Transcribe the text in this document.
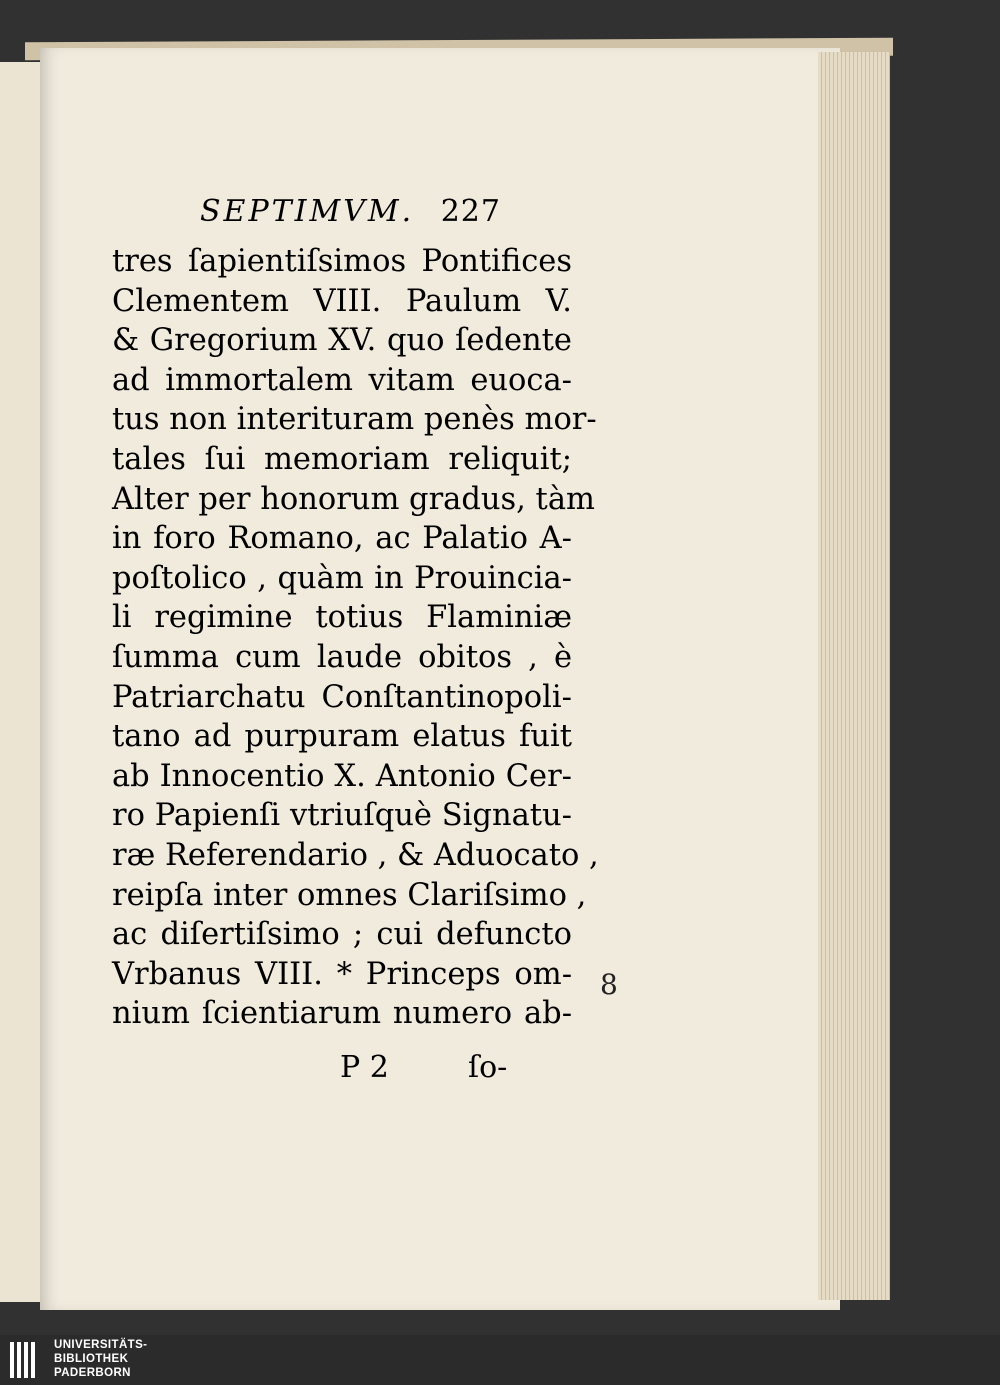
SEPTIMVM. 227
tres ſapientiſsimos Pontifices
Clementem VIII. Paulum V.
& Gregorium XV. quo ſedente
ad immortalem vitam euoca-
tus non interituram penès mor-
tales ſui memoriam reliquit;
Alter per honorum gradus, tàm
in foro Romano, ac Palatio A-
poſtolico , quàm in Prouincia-
li regimine totius Flaminiæ
ſumma cum laude obitos , è
Patriarchatu Conſtantinopoli-
tano ad purpuram elatus fuit
ab Innocentio X. Antonio Cer-
ro Papienſi vtriuſquè Signatu-
ræ Referendario , & Aduocato ,
reipſa inter omnes Clariſsimo ,
ac diſertiſsimo ; cui defuncto
Vrbanus VIII. * Princeps om-
nium ſcientiarum numero ab-
P 2	ſo-
8
UNIVERSITÄTS-
BIBLIOTHEK
PADERBORN
